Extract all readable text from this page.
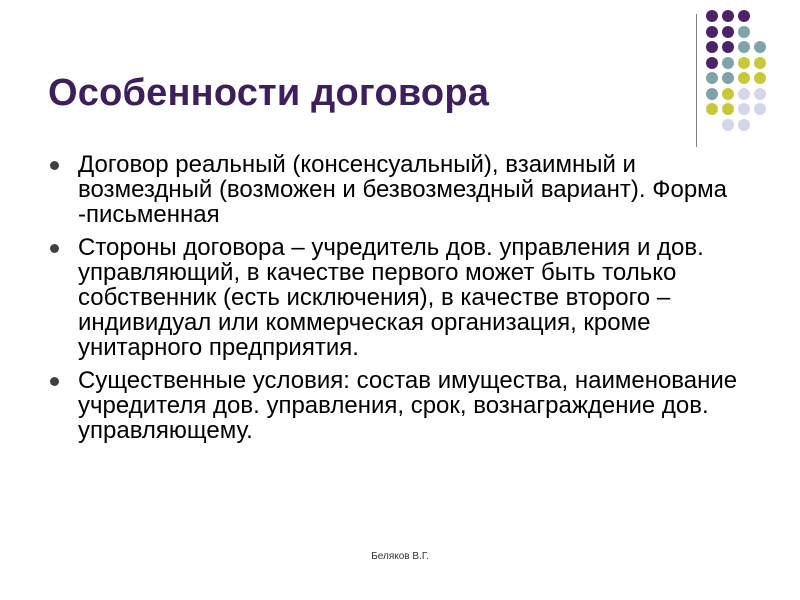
Особенности договора
Договор реальный (консенсуальный), взаимный и возмездный (возможен и безвозмездный вариант). Форма -письменная
Стороны договора – учредитель дов. управления и дов. управляющий, в качестве первого может быть только собственник (есть исключения), в качестве второго – индивидуал или коммерческая организация, кроме унитарного предприятия.
Существенные условия: состав имущества, наименование учредителя дов. управления, срок, вознаграждение дов. управляющему.
Беляков В.Г.
